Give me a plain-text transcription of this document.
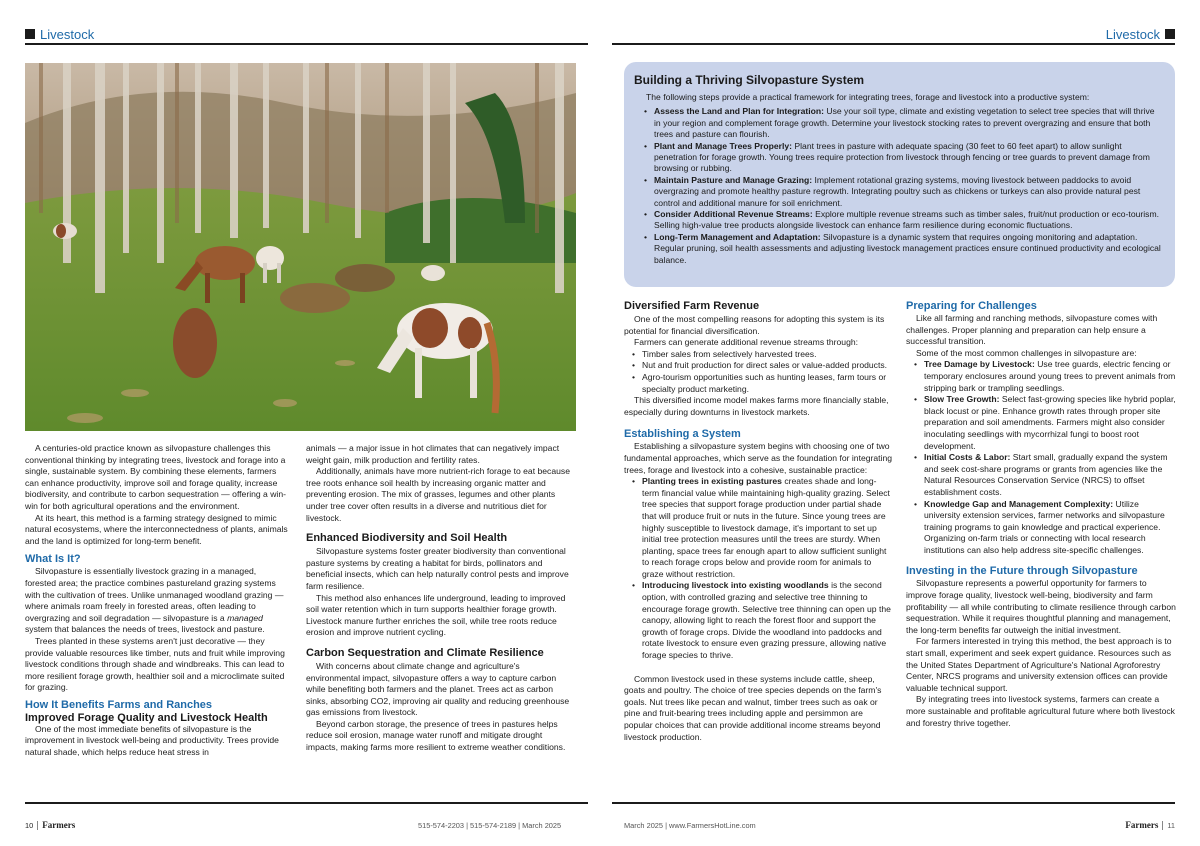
Livestock	Livestock

A centuries-old practice known as silvopasture challenges this conventional thinking by integrating trees, livestock and forage into a single, sustainable system. By combining these elements, farmers can enhance productivity, improve soil and forage quality, increase biodiversity, and contribute to carbon sequestration — offering a win-win for both agricultural operations and the environment.

At its heart, this method is a farming strategy designed to mimic natural ecosystems, where the interconnectedness of plants, animals and the land is optimized for long-term benefit.

What Is It?

Silvopasture is essentially livestock grazing in a managed, forested area; the practice combines pastureland grazing systems with the cultivation of trees. Unlike unmanaged woodland grazing — where animals roam freely in forested areas, often leading to overgrazing and soil degradation — silvopasture is a managed system that balances the needs of trees, livestock and pasture.

Trees planted in these systems aren't just decorative — they provide valuable resources like timber, nuts and fruit while improving livestock conditions through shade and windbreaks. This can lead to more resilient forage growth, healthier soil and a microclimate suited for grazing.

How It Benefits Farms and Ranches
Improved Forage Quality and Livestock Health

One of the most immediate benefits of silvopasture is the improvement in livestock well-being and productivity. Trees provide natural shade, which helps reduce heat stress in

animals — a major issue in hot climates that can negatively impact weight gain, milk production and fertility rates.

Additionally, animals have more nutrient-rich forage to eat because tree roots enhance soil health by increasing organic matter and preventing erosion. The mix of grasses, legumes and other plants under tree cover often results in a diverse and nutritious diet for livestock.

Enhanced Biodiversity and Soil Health

Silvopasture systems foster greater biodiversity than conventional pasture systems by creating a habitat for birds, pollinators and beneficial insects, which can help naturally control pests and improve farm resilience.

This method also enhances life underground, leading to improved soil water retention which in turn supports healthier forage growth. Livestock manure further enriches the soil, while tree roots reduce erosion and improve nutrient cycling.

Carbon Sequestration and Climate Resilience

With concerns about climate change and agriculture's environmental impact, silvopasture offers a way to capture carbon while benefiting both farmers and the planet. Trees act as carbon sinks, absorbing CO2, improving air quality and reducing greenhouse gas emissions from livestock.

Beyond carbon storage, the presence of trees in pastures helps reduce soil erosion, manage water runoff and mitigate drought impacts, making farms more resilient to extreme weather conditions.

Building a Thriving Silvopasture System
The following steps provide a practical framework for integrating trees, forage and livestock into a productive system:
• Assess the Land and Plan for Integration: Use your soil type, climate and existing vegetation to select tree species that will thrive in your region and complement forage growth. Determine your livestock stocking rates to prevent overgrazing and ensure that both trees and pasture can flourish.
• Plant and Manage Trees Properly: Plant trees in pasture with adequate spacing (30 feet to 60 feet apart) to allow sunlight penetration for forage growth. Young trees require protection from livestock through fencing or tree guards to prevent damage from browsing or rubbing.
• Maintain Pasture and Manage Grazing: Implement rotational grazing systems, moving livestock between paddocks to avoid overgrazing and promote healthy pasture regrowth. Integrating poultry such as chickens or turkeys can also provide natural pest control and additional manure for soil enrichment.
• Consider Additional Revenue Streams: Explore multiple revenue streams such as timber sales, fruit/nut production or eco-tourism. Selling high-value tree products alongside livestock can enhance farm resilience during economic fluctuations.
• Long-Term Management and Adaptation: Silvopasture is a dynamic system that requires ongoing monitoring and adaptation. Regular pruning, soil health assessments and adjusting livestock management practices ensure continued productivity and ecological balance.
Diversified Farm Revenue

One of the most compelling reasons for adopting this system is its potential for financial diversification.

Farmers can generate additional revenue streams through:

• Timber sales from selectively harvested trees.
• Nut and fruit production for direct sales or value-added products.
• Agro-tourism opportunities such as hunting leases, farm tours or specialty product marketing.

This diversified income model makes farms more financially stable, especially during downturns in livestock markets.

Establishing a System

Establishing a silvopasture system begins with choosing one of two fundamental approaches, which serve as the foundation for integrating trees, forage and livestock into a cohesive, sustainable practice:

• Planting trees in existing pastures creates shade and long-term financial value while maintaining high-quality grazing. Select tree species that support forage production under partial shade that will produce fruit or nuts in the future. Since young trees are highly susceptible to livestock damage, it's important to set up initial tree protection measures until the trees are sturdy. When planting, space trees far enough apart to allow sufficient sunlight to reach forage crops below and provide room for animals to graze without restriction.
• Introducing livestock into existing woodlands is the second option, with controlled grazing and selective tree thinning to encourage forage growth. Selective tree thinning can open up the canopy, allowing light to reach the forest floor and support the growth of forage crops. Divide the woodland into paddocks and rotate livestock to ensure even grazing pressure, allowing native forage species to thrive.

Common livestock used in these systems include cattle, sheep, goats and poultry. The choice of tree species depends on the farm's goals. Nut trees like pecan and walnut, timber trees such as oak or pine and fruit-bearing trees including apple and persimmon are popular choices that can provide additional income streams beyond livestock production.

Preparing for Challenges

Like all farming and ranching methods, silvopasture comes with challenges. Proper planning and preparation can help ensure a successful transition.

Some of the most common challenges in silvopasture are:

• Tree Damage by Livestock: Use tree guards, electric fencing or temporary enclosures around young trees to prevent animals from stripping bark or trampling seedlings.
• Slow Tree Growth: Select fast-growing species like hybrid poplar, black locust or pine. Enhance growth rates through proper site preparation and soil amendments. Farmers might also consider inoculating seedlings with mycorrhizal fungi to boost root development.
• Initial Costs & Labor: Start small, gradually expand the system and seek cost-share programs or grants from agencies like the Natural Resources Conservation Service (NRCS) to offset establishment costs.
• Knowledge Gap and Management Complexity: Utilize university extension services, farmer networks and silvopasture training programs to gain knowledge and practical experience. Organizing on-farm trials or connecting with local research institutions can also help address site-specific challenges.
Investing in the Future through Silvopasture

Silvopasture represents a powerful opportunity for farmers to improve forage quality, livestock well-being, biodiversity and farm profitability — all while contributing to climate resilience through carbon sequestration. While it requires thoughtful planning and management, the long-term benefits far outweigh the initial investment.

For farmers interested in trying this method, the best approach is to start small, experiment and seek expert guidance. Resources such as the United States Department of Agriculture's National Agroforestry Center, NRCS programs and university extension offices can provide valuable technical support.

By integrating trees into livestock systems, farmers can create a more sustainable and profitable agricultural future where both livestock and forestry thrive together.

10 Farmers	515-574-2203 | 515-574-2189 | March 2025	March 2025 | www.FarmersHotLine.com	Farmers 11
